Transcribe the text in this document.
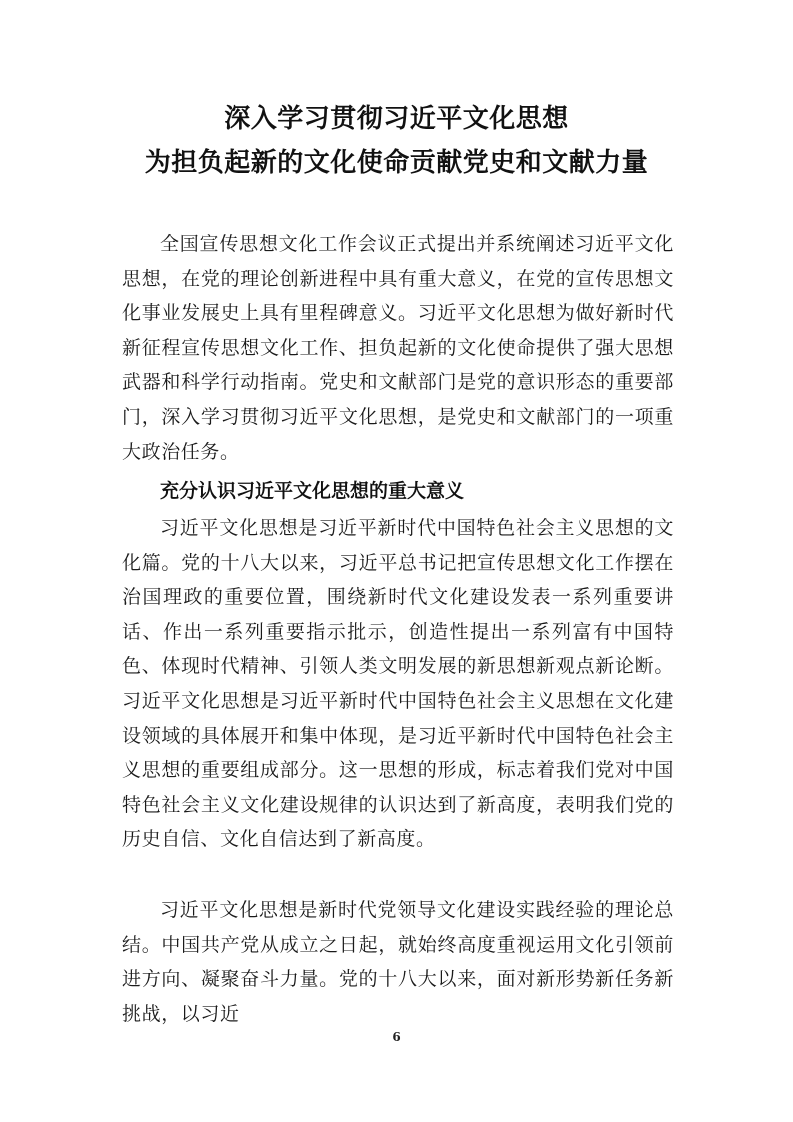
深入学习贯彻习近平文化思想
为担负起新的文化使命贡献党史和文献力量

全国宣传思想文化工作会议正式提出并系统阐述习近平文化思想，在党的理论创新进程中具有重大意义，在党的宣传思想文化事业发展史上具有里程碑意义。习近平文化思想为做好新时代新征程宣传思想文化工作、担负起新的文化使命提供了强大思想武器和科学行动指南。党史和文献部门是党的意识形态的重要部门，深入学习贯彻习近平文化思想，是党史和文献部门的一项重大政治任务。

充分认识习近平文化思想的重大意义

习近平文化思想是习近平新时代中国特色社会主义思想的文化篇。党的十八大以来，习近平总书记把宣传思想文化工作摆在治国理政的重要位置，围绕新时代文化建设发表一系列重要讲话、作出一系列重要指示批示，创造性提出一系列富有中国特色、体现时代精神、引领人类文明发展的新思想新观点新论断。习近平文化思想是习近平新时代中国特色社会主义思想在文化建设领域的具体展开和集中体现，是习近平新时代中国特色社会主义思想的重要组成部分。这一思想的形成，标志着我们党对中国特色社会主义文化建设规律的认识达到了新高度，表明我们党的历史自信、文化自信达到了新高度。

习近平文化思想是新时代党领导文化建设实践经验的理论总结。中国共产党从成立之日起，就始终高度重视运用文化引领前进方向、凝聚奋斗力量。党的十八大以来，面对新形势新任务新挑战，以习近

6
